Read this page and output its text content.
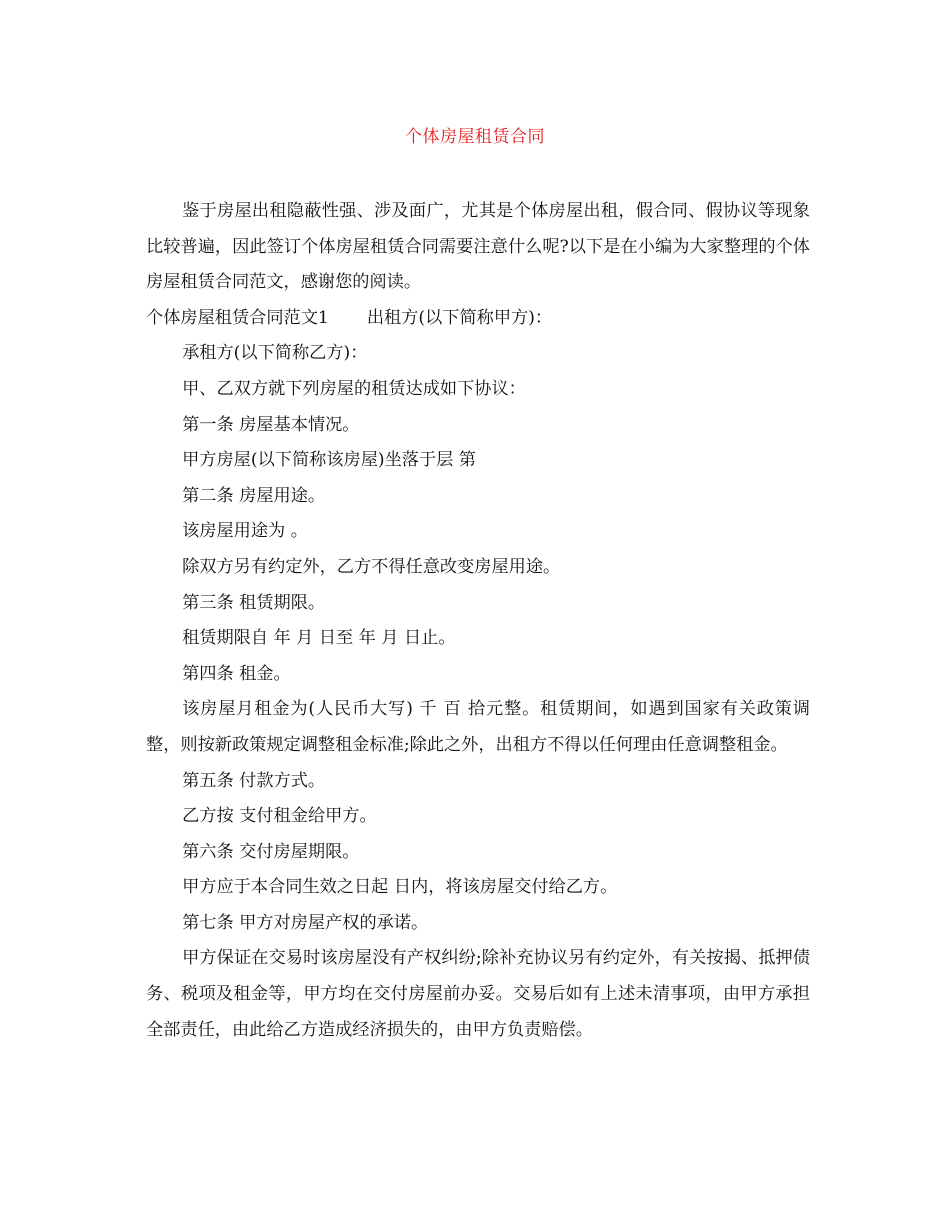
个体房屋租赁合同

鉴于房屋出租隐蔽性强、涉及面广，尤其是个体房屋出租，假合同、假协议等现象比较普遍，因此签订个体房屋租赁合同需要注意什么呢?以下是在小编为大家整理的个体房屋租赁合同范文，感谢您的阅读。

个体房屋租赁合同范文1 出租方(以下简称甲方)：

承租方(以下简称乙方)：

甲、乙双方就下列房屋的租赁达成如下协议：

第一条 房屋基本情况。

甲方房屋(以下简称该房屋)坐落于层 第

第二条 房屋用途。

该房屋用途为 。

除双方另有约定外，乙方不得任意改变房屋用途。

第三条 租赁期限。

租赁期限自 年 月 日至 年 月 日止。

第四条 租金。

该房屋月租金为(人民币大写) 千 百 拾元整。租赁期间，如遇到国家有关政策调整，则按新政策规定调整租金标准;除此之外，出租方不得以任何理由任意调整租金。

第五条 付款方式。

乙方按 支付租金给甲方。

第六条 交付房屋期限。

甲方应于本合同生效之日起 日内，将该房屋交付给乙方。

第七条 甲方对房屋产权的承诺。

甲方保证在交易时该房屋没有产权纠纷;除补充协议另有约定外，有关按揭、抵押债务、税项及租金等，甲方均在交付房屋前办妥。交易后如有上述未清事项，由甲方承担全部责任，由此给乙方造成经济损失的，由甲方负责赔偿。
